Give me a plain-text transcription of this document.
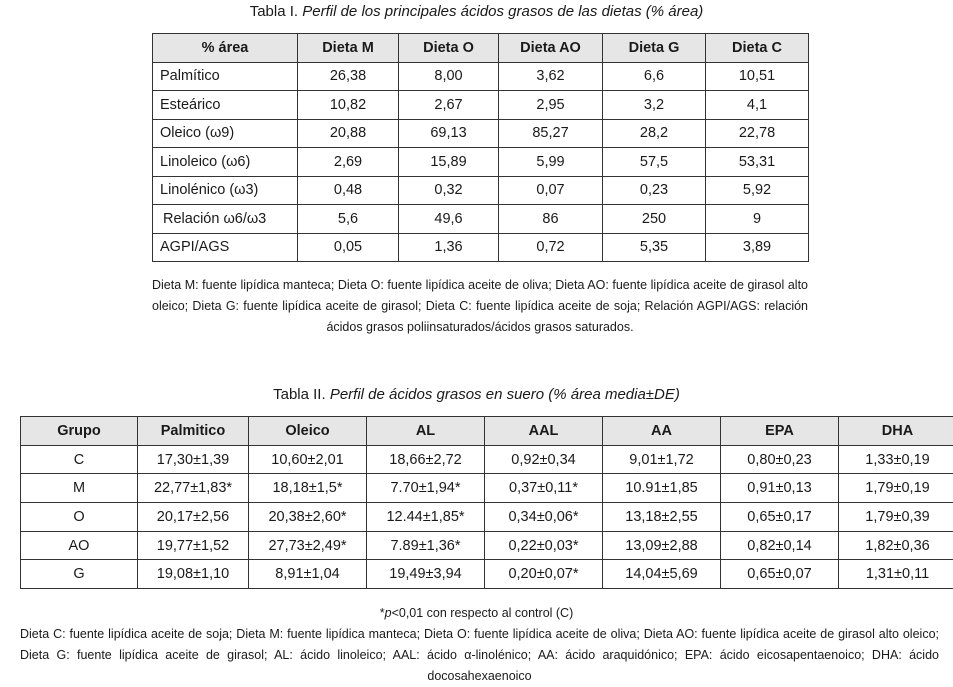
Tabla I. Perfil de los principales ácidos grasos de las dietas (% área)
% área	Dieta M	Dieta O	Dieta AO	Dieta G	Dieta C
Palmítico	26,38	8,00	3,62	6,6	10,51
Esteárico	10,82	2,67	2,95	3,2	4,1
Oleico (ω9)	20,88	69,13	85,27	28,2	22,78
Linoleico (ω6)	2,69	15,89	5,99	57,5	53,31
Linolénico (ω3)	0,48	0,32	0,07	0,23	5,92
Relación ω6/ω3	5,6	49,6	86	250	9
AGPI/AGS	0,05	1,36	0,72	5,35	3,89
Dieta M: fuente lipídica manteca; Dieta O: fuente lipídica aceite de oliva; Dieta AO: fuente lipídica aceite de girasol alto oleico; Dieta G: fuente lipídica aceite de girasol; Dieta C: fuente lipídica aceite de soja; Relación AGPI/AGS: relación ácidos grasos poliinsaturados/ácidos grasos saturados.
Tabla II. Perfil de ácidos grasos en suero (% área media±DE)
Grupo	Palmitico	Oleico	AL	AAL	AA	EPA	DHA
C	17,30±1,39	10,60±2,01	18,66±2,72	0,92±0,34	9,01±1,72	0,80±0,23	1,33±0,19
M	22,77±1,83*	18,18±1,5*	7.70±1,94*	0,37±0,11*	10.91±1,85	0,91±0,13	1,79±0,19
O	20,17±2,56	20,38±2,60*	12.44±1,85*	0,34±0,06*	13,18±2,55	0,65±0,17	1,79±0,39
AO	19,77±1,52	27,73±2,49*	7.89±1,36*	0,22±0,03*	13,09±2,88	0,82±0,14	1,82±0,36
G	19,08±1,10	8,91±1,04	19,49±3,94	0,20±0,07*	14,04±5,69	0,65±0,07	1,31±0,11
*p<0,01 con respecto al control (C)
Dieta C: fuente lipídica aceite de soja; Dieta M: fuente lipídica manteca; Dieta O: fuente lipídica aceite de oliva; Dieta AO: fuente lipídica aceite de girasol alto oleico; Dieta G: fuente lipídica aceite de girasol; AL: ácido linoleico; AAL: ácido α-linolénico; AA: ácido araquidónico; EPA: ácido eicosapentaenoico; DHA: ácido docosahexaenoico
